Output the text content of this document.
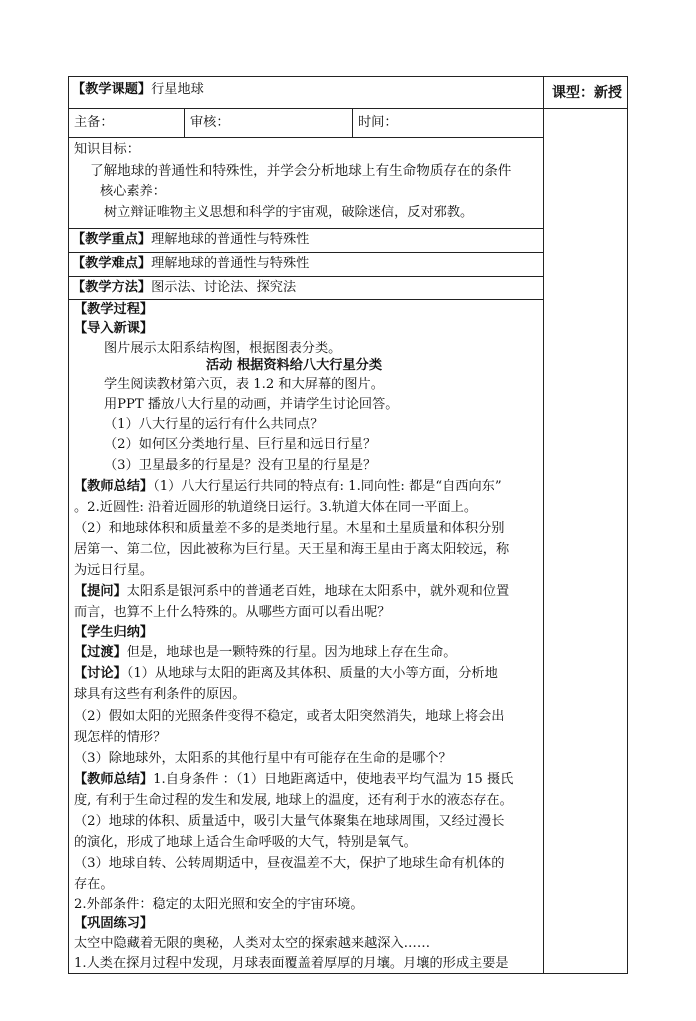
【教学课题】行星地球	课型：新授
主备：	审核：	时间：
知识目标：
了解地球的普通性和特殊性，并学会分析地球上有生命物质存在的条件
核心素养：
树立辩证唯物主义思想和科学的宇宙观，破除迷信，反对邪教。
【教学重点】理解地球的普通性与特殊性
【教学难点】理解地球的普通性与特殊性
【教学方法】图示法、讨论法、探究法
【教学过程】
【导入新课】
图片展示太阳系结构图，根据图表分类。
活动 根据资料给八大行星分类
学生阅读教材第六页，表 1.2 和大屏幕的图片。
用PPT 播放八大行星的动画，并请学生讨论回答。
（1）八大行星的运行有什么共同点？
（2）如何区分类地行星、巨行星和远日行星？
（3）卫星最多的行星是？没有卫星的行星是？
【教师总结】（1）八大行星运行共同的特点有: 1.同向性: 都是“自西向东”
。2.近圆性: 沿着近圆形的轨道绕日运行。3.轨道大体在同一平面上。
（2）和地球体积和质量差不多的是类地行星。木星和土星质量和体积分别
居第一、第二位，因此被称为巨行星。天王星和海王星由于离太阳较远，称
为远日行星。
【提问】太阳系是银河系中的普通老百姓，地球在太阳系中，就外观和位置
而言，也算不上什么特殊的。从哪些方面可以看出呢？
【学生归纳】
【过渡】但是，地球也是一颗特殊的行星。因为地球上存在生命。
【讨论】（1）从地球与太阳的距离及其体积、质量的大小等方面，分析地
球具有这些有利条件的原因。
（2）假如太阳的光照条件变得不稳定，或者太阳突然消失，地球上将会出
现怎样的情形？
（3）除地球外，太阳系的其他行星中有可能存在生命的是哪个？
【教师总结】1.自身条件 ：（1）日地距离适中，使地表平均气温为 15 摄氏
度, 有利于生命过程的发生和发展, 地球上的温度，还有利于水的液态存在。
（2）地球的体积、质量适中，吸引大量气体聚集在地球周围，又经过漫长
的演化，形成了地球上适合生命呼吸的大气，特别是氧气。
（3）地球自转、公转周期适中，昼夜温差不大，保护了地球生命有机体的
存在。
2.外部条件：稳定的太阳光照和安全的宇宙环境。
【巩固练习】
太空中隐藏着无限的奥秘，人类对太空的探索越来越深入……
1.人类在探月过程中发现，月球表面覆盖着厚厚的月壤。月壤的形成主要是
